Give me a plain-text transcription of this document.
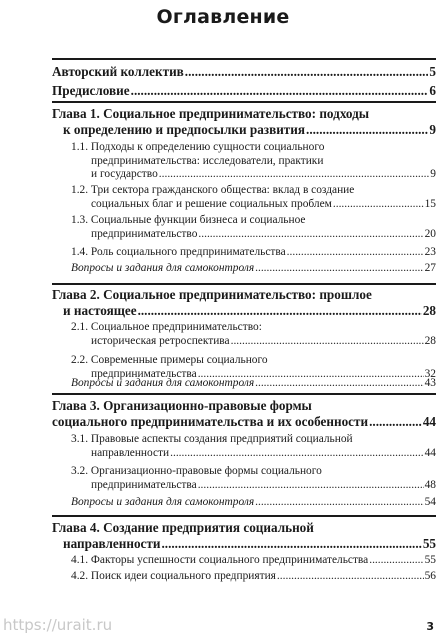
Оглавление
Авторский коллектив .....	5
Предисловие .....	6
Глава 1. Социальное предпринимательство: подходы
к определению и предпосылки развития .....	9
1.1. Подходы к определению сущности социального
предпринимательства: исследователи, практики
и государство .....	9
1.2. Три сектора гражданского общества: вклад в создание
социальных благ и решение социальных проблем .....	15
1.3. Социальные функции бизнеса и социальное
предпринимательство .....	20
1.4. Роль социального предпринимательства .....	23
Вопросы и задания для самоконтроля .....	27
Глава 2. Социальное предпринимательство: прошлое
и настоящее .....	28
2.1. Социальное предпринимательство:
историческая ретроспектива .....	28
2.2. Современные примеры социального
предпринимательства .....	32
Вопросы и задания для самоконтроля .....	43
Глава 3. Организационно-правовые формы
социального предпринимательства и их особенности .....	44
3.1. Правовые аспекты создания предприятий социальной
направленности .....	44
3.2. Организационно-правовые формы социального
предпринимательства .....	48
Вопросы и задания для самоконтроля .....	54
Глава 4. Создание предприятия социальной
направленности .....	55
4.1. Факторы успешности социального предпринимательства .....	55
4.2. Поиск идеи социального предприятия .....	56
https://urait.ru	3
